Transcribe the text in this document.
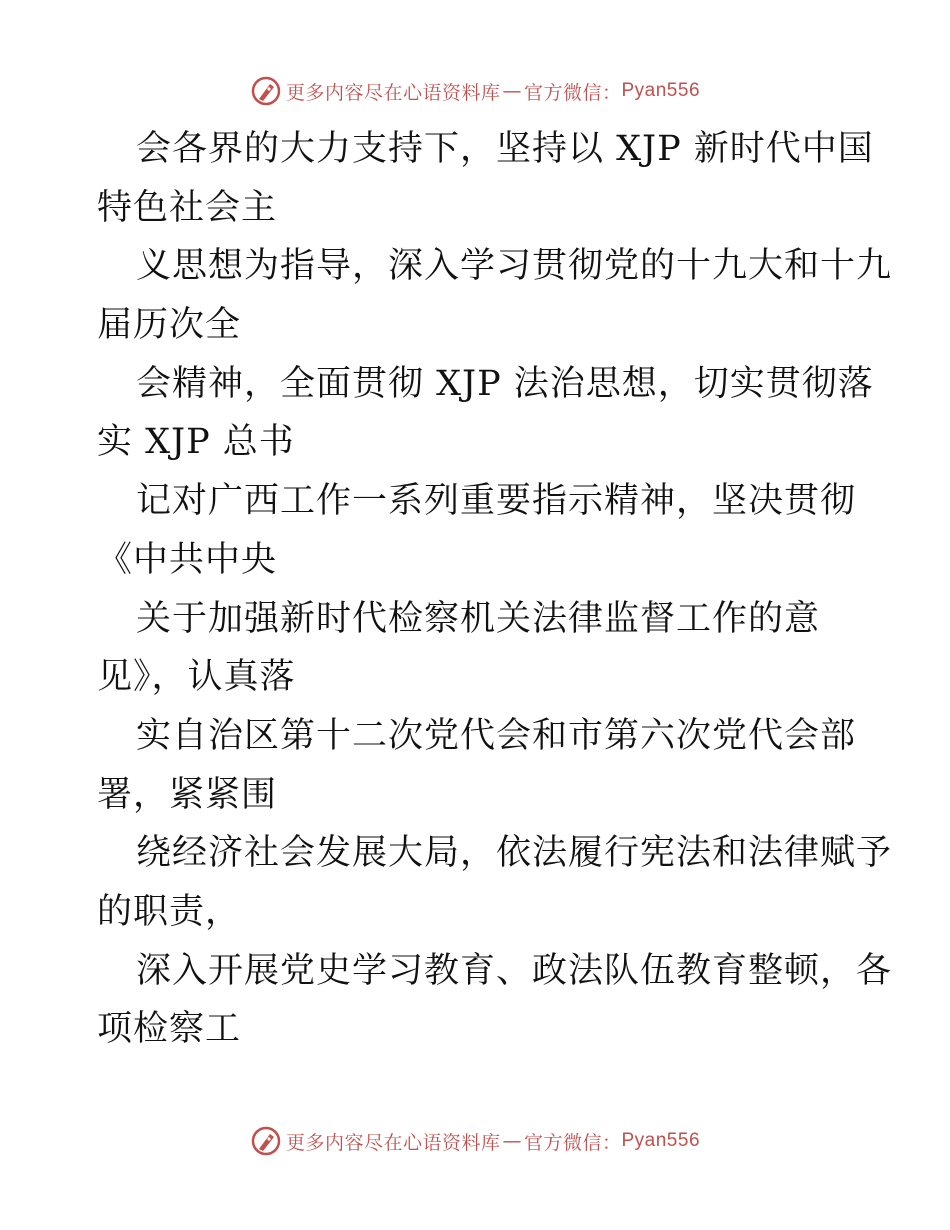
更多内容尽在心语资料库 — 官方微信： Pyan556
会各界的大力支持下，坚持以 XJP 新时代中国
特色社会主
义思想为指导，深入学习贯彻党的十九大和十九
届历次全
会精神，全面贯彻 XJP 法治思想，切实贯彻落
实 XJP 总书
记对广西工作一系列重要指示精神，坚决贯彻
《中共中央
关于加强新时代检察机关法律监督工作的意
见》，认真落
实自治区第十二次党代会和市第六次党代会部
署，紧紧围
绕经济社会发展大局，依法履行宪法和法律赋予
的职责，
深入开展党史学习教育、政法队伍教育整顿，各
项检察工
更多内容尽在心语资料库 — 官方微信： Pyan556
